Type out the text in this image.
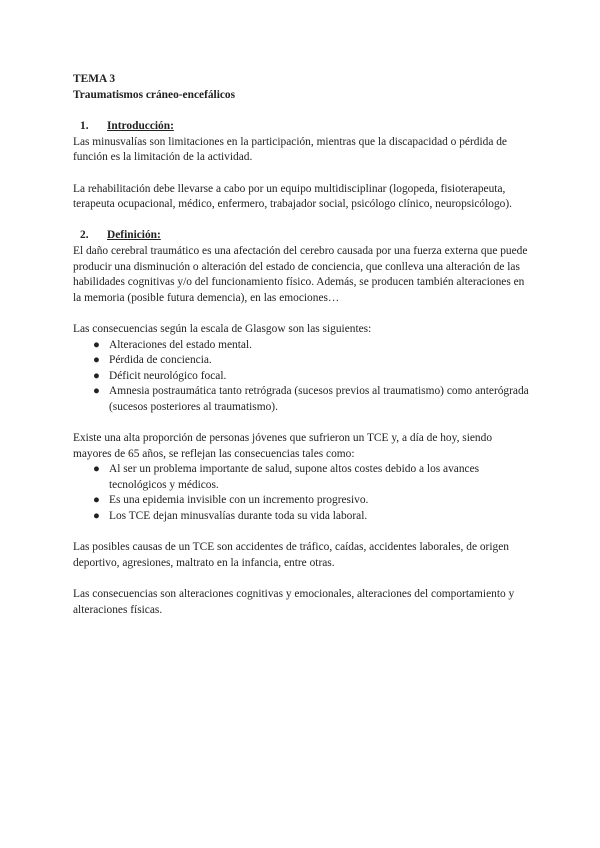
TEMA 3
Traumatismos cráneo-encefálicos
1. Introducción:

Las minusvalías son limitaciones en la participación, mientras que la discapacidad o pérdida de función es la limitación de la actividad.

La rehabilitación debe llevarse a cabo por un equipo multidisciplinar (logopeda, fisioterapeuta, terapeuta ocupacional, médico, enfermero, trabajador social, psicólogo clínico, neuropsicólogo).

2. Definición:

El daño cerebral traumático es una afectación del cerebro causada por una fuerza externa que puede producir una disminución o alteración del estado de conciencia, que conlleva una alteración de las habilidades cognitivas y/o del funcionamiento físico. Además, se producen también alteraciones en la memoria (posible futura demencia), en las emociones…

Las consecuencias según la escala de Glasgow son las siguientes:
● Alteraciones del estado mental.
● Pérdida de conciencia.
● Déficit neurológico focal.
● Amnesia postraumática tanto retrógrada (sucesos previos al traumatismo) como anterógrada (sucesos posteriores al traumatismo).
Existe una alta proporción de personas jóvenes que sufrieron un TCE y, a día de hoy, siendo mayores de 65 años, se reflejan las consecuencias tales como:
● Al ser un problema importante de salud, supone altos costes debido a los avances tecnológicos y médicos.
● Es una epidemia invisible con un incremento progresivo.
● Los TCE dejan minusvalías durante toda su vida laboral.

Las posibles causas de un TCE son accidentes de tráfico, caídas, accidentes laborales, de origen deportivo, agresiones, maltrato en la infancia, entre otras.

Las consecuencias son alteraciones cognitivas y emocionales, alteraciones del comportamiento y alteraciones físicas.
